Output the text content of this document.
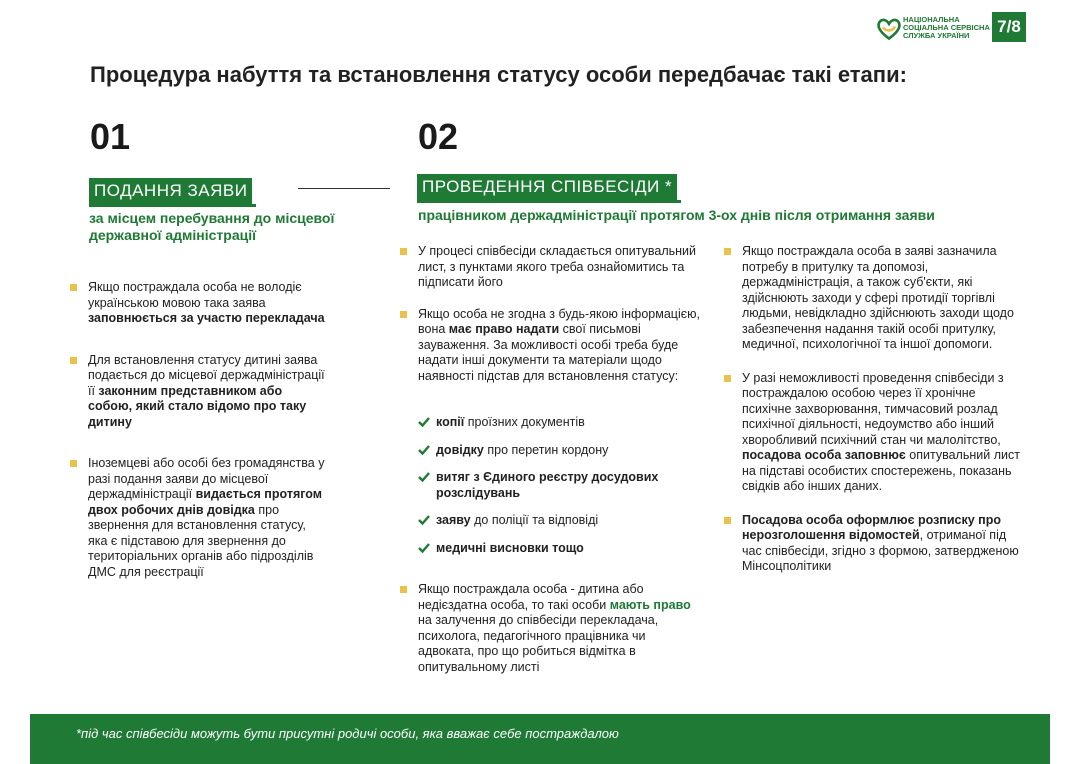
НАЦІОНАЛЬНА
СОЦІАЛЬНА СЕРВІСНА
СЛУЖБА УКРАЇНИ	7/8
Процедура набуття та встановлення статусу особи передбачає такі етапи:
01
ПОДАННЯ ЗАЯВИ
за місцем перебування до місцевої державної адміністрації
Якщо постраждала особа не володіє українською мовою така заява заповнюється за участю перекладача
Для встановлення статусу дитині заява подається до місцевої держадміністрації її законним представником або собою, який стало відомо про таку дитину
Іноземцеві або особі без громадянства у разі подання заяви до місцевої держадміністрації видається протягом двох робочих днів довідка про звернення для встановлення статусу, яка є підставою для звернення до територіальних органів або підрозділів ДМС для реєстрації
02
ПРОВЕДЕННЯ СПІВБЕСІДИ *
працівником держадміністрації протягом 3-ох днів після отримання заяви
У процесі співбесіди складається опитувальний лист, з пунктами якого треба ознайомитись та підписати його
Якщо особа не згодна з будь-якою інформацією, вона має право надати свої письмові зауваження. За можливості особі треба буде надати інші документи та матеріали щодо наявності підстав для встановлення статусу:
копії проїзних документів
довідку про перетин кордону
витяг з Єдиного реєстру досудових розслідувань
заяву до поліції та відповіді
медичні висновки тощо
Якщо постраждала особа - дитина або недієздатна особа, то такі особи мають право на залучення до співбесіди перекладача, психолога, педагогічного працівника чи адвоката, про що робиться відмітка в опитувальному листі
Якщо постраждала особа в заяві зазначила потребу в притулку та допомозі, держадміністрація, а також суб'єкти, які здійснюють заходи у сфері протидії торгівлі людьми, невідкладно здійснюють заходи щодо забезпечення надання такій особі притулку, медичної, психологічної та іншої допомоги.
У разі неможливості проведення співбесіди з постраждалою особою через її хронічне психічне захворювання, тимчасовий розлад психічної діяльності, недоумство або інший хворобливий психічний стан чи малолітство, посадова особа заповнює опитувальний лист на підставі особистих спостережень, показань свідків або інших даних.
Посадова особа оформлює розписку про нерозголошення відомостей, отриманої під час співбесіди, згідно з формою, затвердженою Мінсоцполітики
*під час співбесіди можуть бути присутні родичі особи, яка вважає себе постраждалою
